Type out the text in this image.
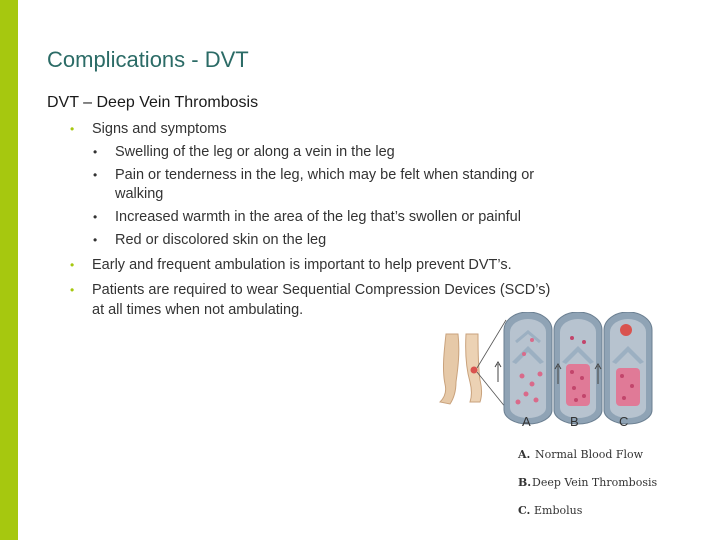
Complications - DVT
DVT – Deep Vein Thrombosis
• Signs and symptoms
• Swelling of the leg or along a vein in the leg
• Pain or tenderness in the leg, which may be felt when standing or
walking
• Increased warmth in the area of the leg that’s swollen or painful
• Red or discolored skin on the leg
• Early and frequent ambulation is important to help prevent DVT’s.
• Patients are required to wear Sequential Compression Devices (SCD’s)
at all times when not ambulating.
A	B	C
A. Normal Blood Flow
B. Deep Vein Thrombosis
C. Embolus
